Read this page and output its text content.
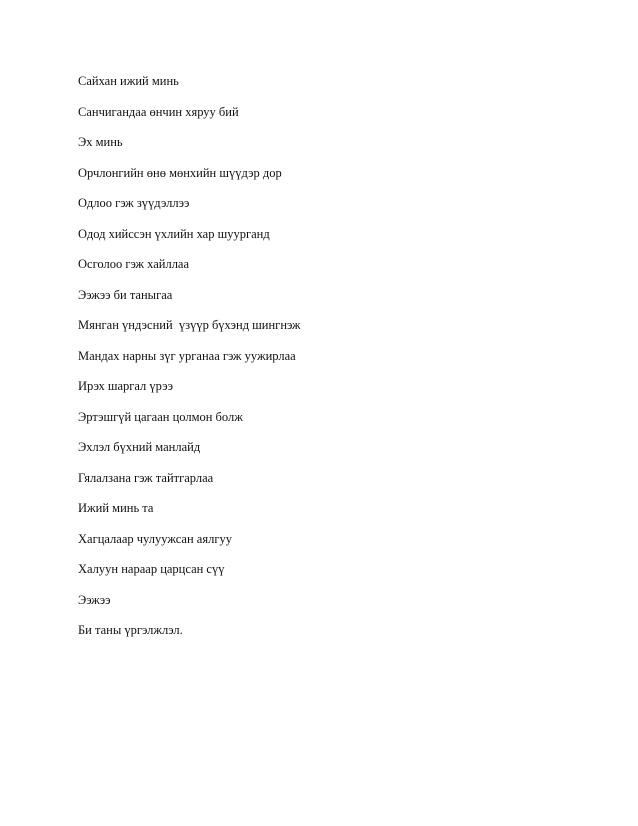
Сайхан ижий минь
Санчигандаа өнчин хяруу бий
Эх минь
Орчлонгийн өнө мөнхийн шүүдэр дор
Одлоо гэж зүүдэллээ
Одод хийссэн үхлийн хар шуурганд
Осголоо гэж хайллаа
Ээжээ би таныгаа
Мянган үндэсний  үзүүр бүхэнд шингнэж
Мандах нарны зүг урганаа гэж уужирлаа
Ирэх шаргал үрээ
Эртэшгүй цагаан цолмон болж
Эхлэл бүхний манлайд
Гялалзана гэж тайтгарлаа
Ижий минь та
Хагцалаар чулуужсан аялгуу
Халуун нараар царцсан сүү
Ээжээ
Би таны үргэлжлэл.
